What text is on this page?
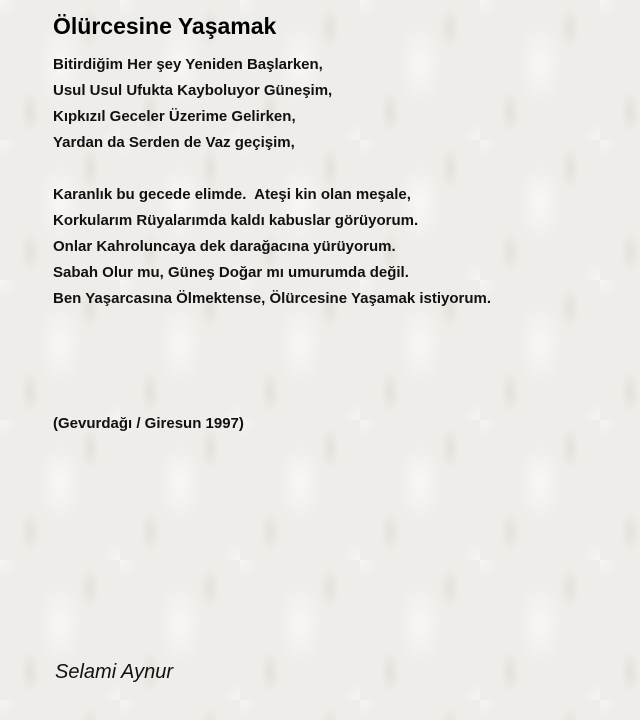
Ölürcesine Yaşamak

Bitirdiğim Her şey Yeniden Başlarken,
Usul Usul Ufukta Kayboluyor Güneşim,
Kıpkızıl Geceler Üzerime Gelirken,
Yardan da Serden de Vaz geçişim,

Karanlık bu gecede elimde.  Ateşi kin olan meşale,
Korkularım Rüyalarımda kaldı kabuslar görüyorum.
Onlar Kahroluncaya dek darağacına yürüyorum.
Sabah Olur mu, Güneş Doğar mı umurumda değil.
Ben Yaşarcasına Ölmektense, Ölürcesine Yaşamak istiyorum.

(Gevurdağı / Giresun 1997)

Selami Aynur
